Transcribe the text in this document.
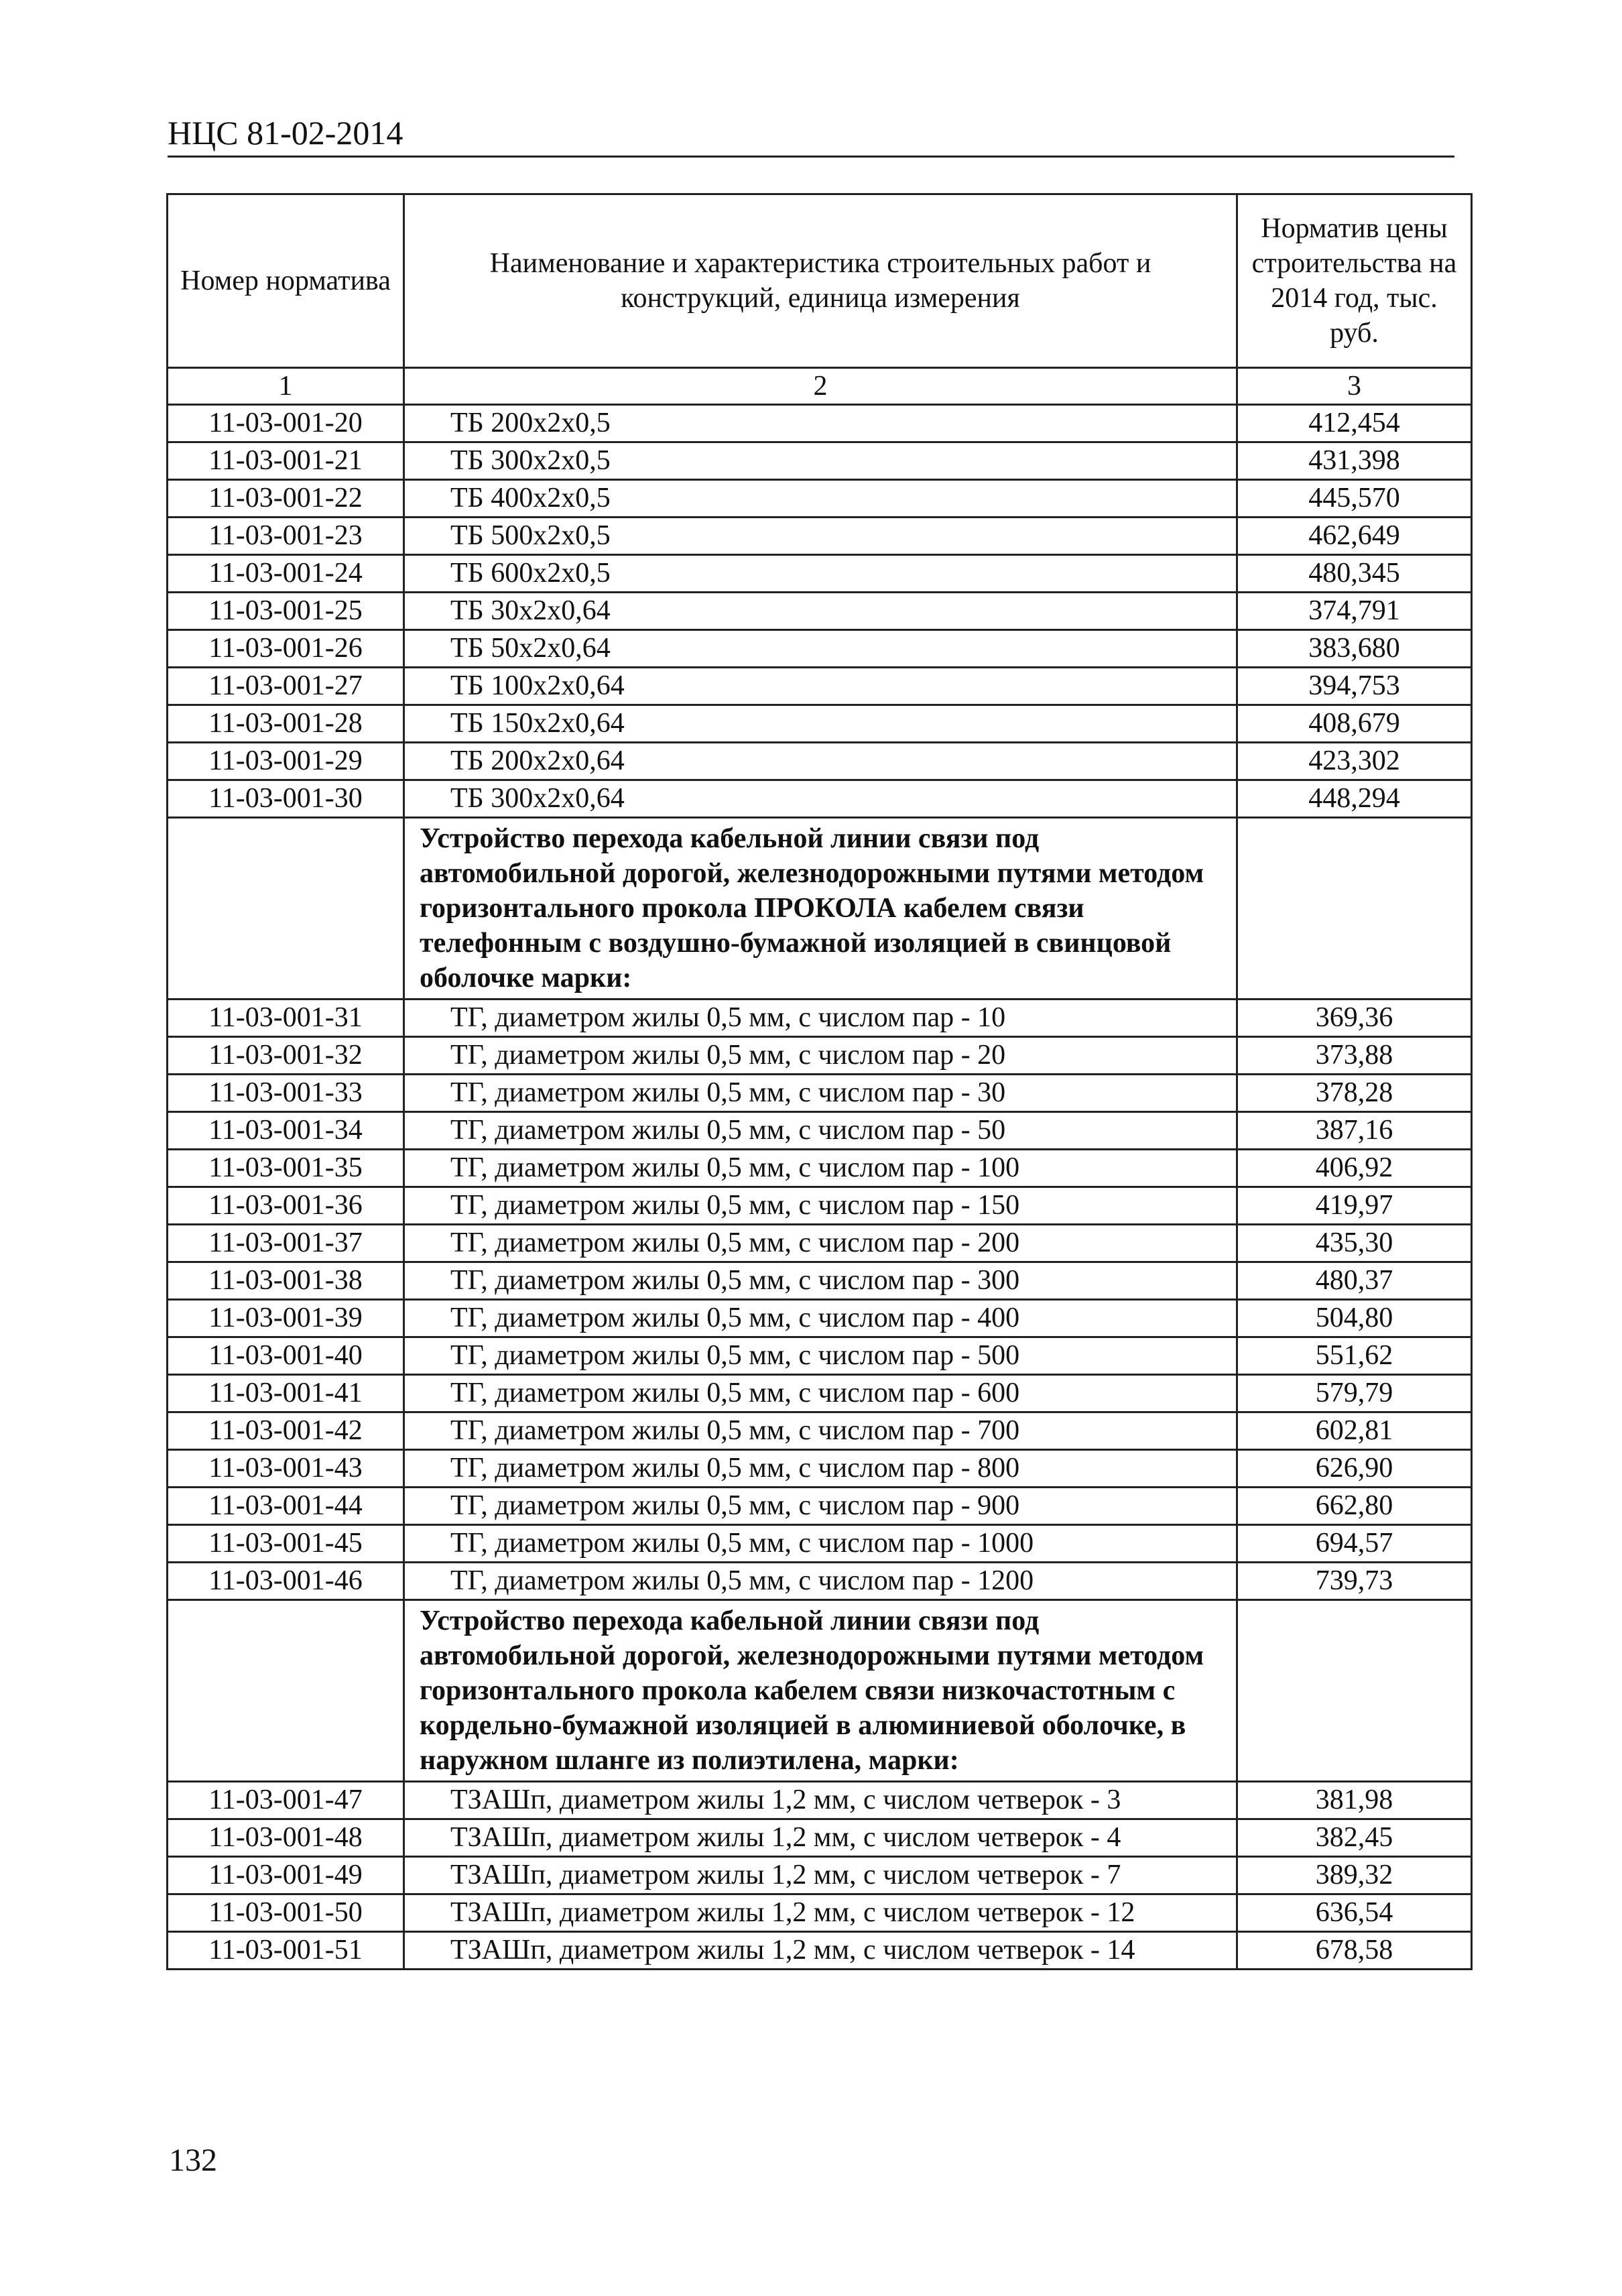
НЦС 81-02-2014
Номер норматива	Наименование и характеристика строительных работ и конструкций, единица измерения	Норматив цены строительства на 2014 год, тыс. руб.
1	2	3
11-03-001-20	ТБ 200х2х0,5	412,454
11-03-001-21	ТБ 300х2х0,5	431,398
11-03-001-22	ТБ 400х2х0,5	445,570
11-03-001-23	ТБ 500х2х0,5	462,649
11-03-001-24	ТБ 600х2х0,5	480,345
11-03-001-25	ТБ 30х2х0,64	374,791
11-03-001-26	ТБ 50х2х0,64	383,680
11-03-001-27	ТБ 100х2х0,64	394,753
11-03-001-28	ТБ 150х2х0,64	408,679
11-03-001-29	ТБ 200х2х0,64	423,302
11-03-001-30	ТБ 300х2х0,64	448,294
	Устройство перехода кабельной линии связи под автомобильной дорогой, железнодорожными путями методом горизонтального прокола ПРОКОЛА кабелем связи телефонным с воздушно-бумажной изоляцией в свинцовой оболочке марки:	
11-03-001-31	ТГ, диаметром жилы 0,5 мм, с числом пар - 10	369,36
11-03-001-32	ТГ, диаметром жилы 0,5 мм, с числом пар - 20	373,88
11-03-001-33	ТГ, диаметром жилы 0,5 мм, с числом пар - 30	378,28
11-03-001-34	ТГ, диаметром жилы 0,5 мм, с числом пар - 50	387,16
11-03-001-35	ТГ, диаметром жилы 0,5 мм, с числом пар - 100	406,92
11-03-001-36	ТГ, диаметром жилы 0,5 мм, с числом пар - 150	419,97
11-03-001-37	ТГ, диаметром жилы 0,5 мм, с числом пар - 200	435,30
11-03-001-38	ТГ, диаметром жилы 0,5 мм, с числом пар - 300	480,37
11-03-001-39	ТГ, диаметром жилы 0,5 мм, с числом пар - 400	504,80
11-03-001-40	ТГ, диаметром жилы 0,5 мм, с числом пар - 500	551,62
11-03-001-41	ТГ, диаметром жилы 0,5 мм, с числом пар - 600	579,79
11-03-001-42	ТГ, диаметром жилы 0,5 мм, с числом пар - 700	602,81
11-03-001-43	ТГ, диаметром жилы 0,5 мм, с числом пар - 800	626,90
11-03-001-44	ТГ, диаметром жилы 0,5 мм, с числом пар - 900	662,80
11-03-001-45	ТГ, диаметром жилы 0,5 мм, с числом пар - 1000	694,57
11-03-001-46	ТГ, диаметром жилы 0,5 мм, с числом пар - 1200	739,73
	Устройство перехода кабельной линии связи под автомобильной дорогой, железнодорожными путями методом горизонтального прокола кабелем связи низкочастотным с кордельно-бумажной изоляцией в алюминиевой оболочке, в наружном шланге из полиэтилена, марки:	
11-03-001-47	ТЗАШп, диаметром жилы 1,2 мм, с числом четверок - 3	381,98
11-03-001-48	ТЗАШп, диаметром жилы 1,2 мм, с числом четверок - 4	382,45
11-03-001-49	ТЗАШп, диаметром жилы 1,2 мм, с числом четверок - 7	389,32
11-03-001-50	ТЗАШп, диаметром жилы 1,2 мм, с числом четверок - 12	636,54
11-03-001-51	ТЗАШп, диаметром жилы 1,2 мм, с числом четверок - 14	678,58
132
